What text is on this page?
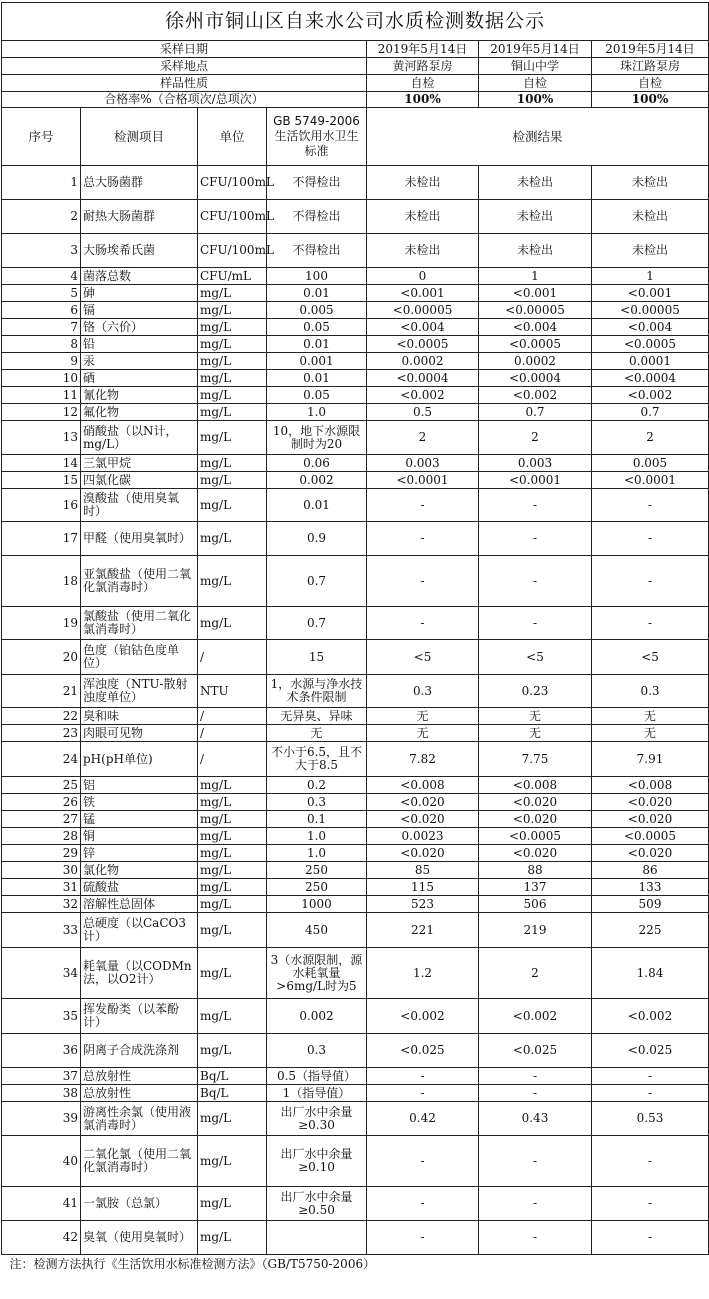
徐州市铜山区自来水公司水质检测数据公示						
采样日期				2019年5月14日	2019年5月14日	2019年5月14日
采样地点				黄河路泵房	铜山中学	珠江路泵房
样品性质				自检	自检	自检
合格率%（合格项次/总项次）				100%	100%	100%
序号	检测项目	单位	GB 5749-2006 生活饮用水卫生标准	检测结果		
1	总大肠菌群	CFU/100mL	不得检出	未检出	未检出	未检出
2	耐热大肠菌群	CFU/100mL	不得检出	未检出	未检出	未检出
3	大肠埃希氏菌	CFU/100mL	不得检出	未检出	未检出	未检出
4	菌落总数	CFU/mL	100	0	1	1
5	砷	mg/L	0.01	<0.001	<0.001	<0.001
6	镉	mg/L	0.005	<0.00005	<0.00005	<0.00005
7	铬（六价）	mg/L	0.05	<0.004	<0.004	<0.004
8	铅	mg/L	0.01	<0.0005	<0.0005	<0.0005
9	汞	mg/L	0.001	0.0002	0.0002	0.0001
10	硒	mg/L	0.01	<0.0004	<0.0004	<0.0004
11	氰化物	mg/L	0.05	<0.002	<0.002	<0.002
12	氟化物	mg/L	1.0	0.5	0.7	0.7
13	硝酸盐（以N计，mg/L）	mg/L	10，地下水源限制时为20	2	2	2
14	三氯甲烷	mg/L	0.06	0.003	0.003	0.005
15	四氯化碳	mg/L	0.002	<0.0001	<0.0001	<0.0001
16	溴酸盐（使用臭氧时）	mg/L	0.01	-	-	-
17	甲醛（使用臭氧时）	mg/L	0.9	-	-	-
18	亚氯酸盐（使用二氧化氯消毒时）	mg/L	0.7	-	-	-
19	氯酸盐（使用二氧化氯消毒时）	mg/L	0.7	-	-	-
20	色度（铂钴色度单位）	/	15	<5	<5	<5
21	浑浊度（NTU-散射浊度单位）	NTU	1，水源与净水技术条件限制	0.3	0.23	0.3
22	臭和味	/	无异臭、异味	无	无	无
23	肉眼可见物	/	无	无	无	无
24	pH(pH单位)	/	不小于6.5，且不大于8.5	7.82	7.75	7.91
25	铝	mg/L	0.2	<0.008	<0.008	<0.008
26	铁	mg/L	0.3	<0.020	<0.020	<0.020
27	锰	mg/L	0.1	<0.020	<0.020	<0.020
28	铜	mg/L	1.0	0.0023	<0.0005	<0.0005
29	锌	mg/L	1.0	<0.020	<0.020	<0.020
30	氯化物	mg/L	250	85	88	86
31	硫酸盐	mg/L	250	115	137	133
32	溶解性总固体	mg/L	1000	523	506	509
33	总硬度（以CaCO3计）	mg/L	450	221	219	225
34	耗氧量（以CODMn法，以O2计）	mg/L	3（水源限制，源水耗氧量>6mg/L时为5	1.2	2	1.84
35	挥发酚类（以苯酚计）	mg/L	0.002	<0.002	<0.002	<0.002
36	阴离子合成洗涤剂	mg/L	0.3	<0.025	<0.025	<0.025
37	总放射性	Bq/L	0.5（指导值）	-	-	-
38	总放射性	Bq/L	1（指导值）	-	-	-
39	游离性余氯（使用液氯消毒时）	mg/L	出厂水中余量≥0.30	0.42	0.43	0.53
40	二氧化氯（使用二氧化氯消毒时）	mg/L	出厂水中余量≥0.10	-	-	-
41	一氯胺（总氯）	mg/L	出厂水中余量≥0.50	-	-	-
42	臭氧（使用臭氧时）	mg/L		-	-	-
注：检测方法执行《生活饮用水标准检测方法》（GB/T5750-2006）						
